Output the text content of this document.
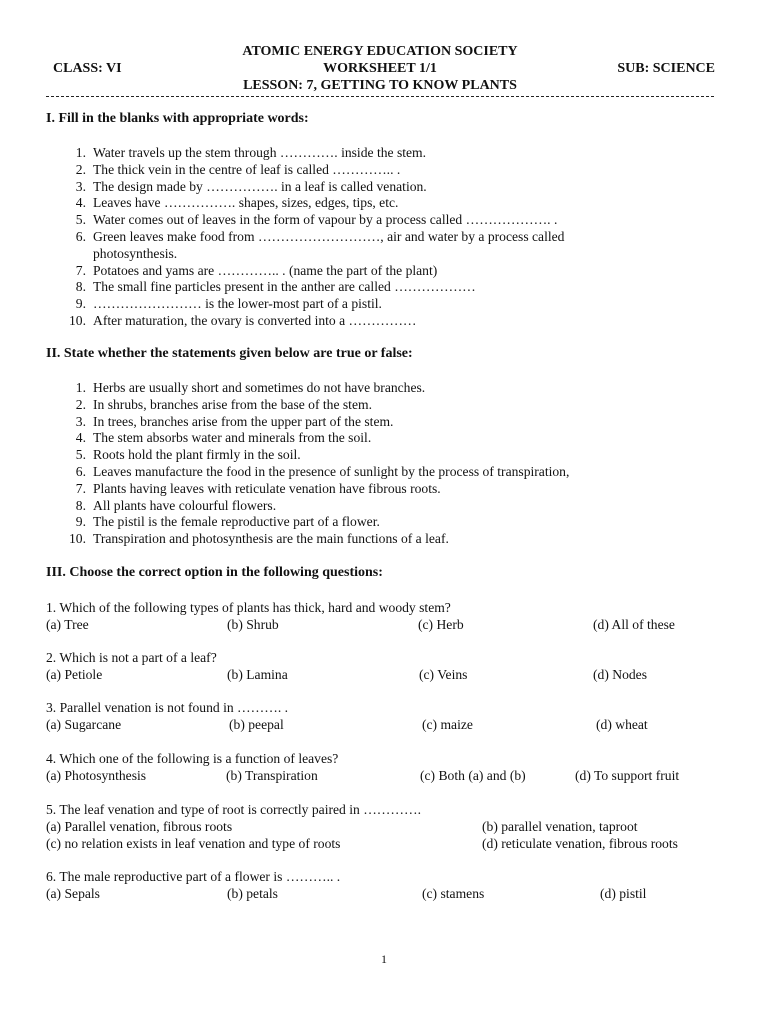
ATOMIC ENERGY EDUCATION SOCIETY
CLASS: VI	WORKSHEET 1/1	SUB: SCIENCE
LESSON: 7, GETTING TO KNOW PLANTS
I. Fill in the blanks with appropriate words:
1. Water travels up the stem through …………. inside the stem.
2. The thick vein in the centre of leaf is called ………….. .
3. The design made by ……………. in a leaf is called venation.
4. Leaves have ……………. shapes, sizes, edges, tips, etc.
5. Water comes out of leaves in the form of vapour by a process called ………………. .
6. Green leaves make food from ………………………, air and water by a process called photosynthesis.
7. Potatoes and yams are ………….. . (name the part of the plant)
8. The small fine particles present in the anther are called ………………
9. …………………… is the lower-most part of a pistil.
10. After maturation, the ovary is converted into a ……………
II. State whether the statements given below are true or false:
1. Herbs are usually short and sometimes do not have branches.
2. In shrubs, branches arise from the base of the stem.
3. In trees, branches arise from the upper part of the stem.
4. The stem absorbs water and minerals from the soil.
5. Roots hold the plant firmly in the soil.
6. Leaves manufacture the food in the presence of sunlight by the process of transpiration,
7. Plants having leaves with reticulate venation have fibrous roots.
8. All plants have colourful flowers.
9. The pistil is the female reproductive part of a flower.
10. Transpiration and photosynthesis are the main functions of a leaf.
III. Choose the correct option in the following questions:
1. Which of the following types of plants has thick, hard and woody stem?
(a) Tree	(b) Shrub	(c) Herb	(d) All of these
2. Which is not a part of a leaf?
(a) Petiole	(b) Lamina	(c) Veins	(d) Nodes
3. Parallel venation is not found in ………. .
(a) Sugarcane	(b) peepal	(c) maize	(d) wheat
4. Which one of the following is a function of leaves?
(a) Photosynthesis	(b) Transpiration	(c) Both (a) and (b)	(d) To support fruit
5. The leaf venation and type of root is correctly paired in ………….
(a) Parallel venation, fibrous roots	(b) parallel venation, taproot
(c) no relation exists in leaf venation and type of roots	(d) reticulate venation, fibrous roots
6. The male reproductive part of a flower is ……….. .
(a) Sepals	(b) petals	(c) stamens	(d) pistil
1
